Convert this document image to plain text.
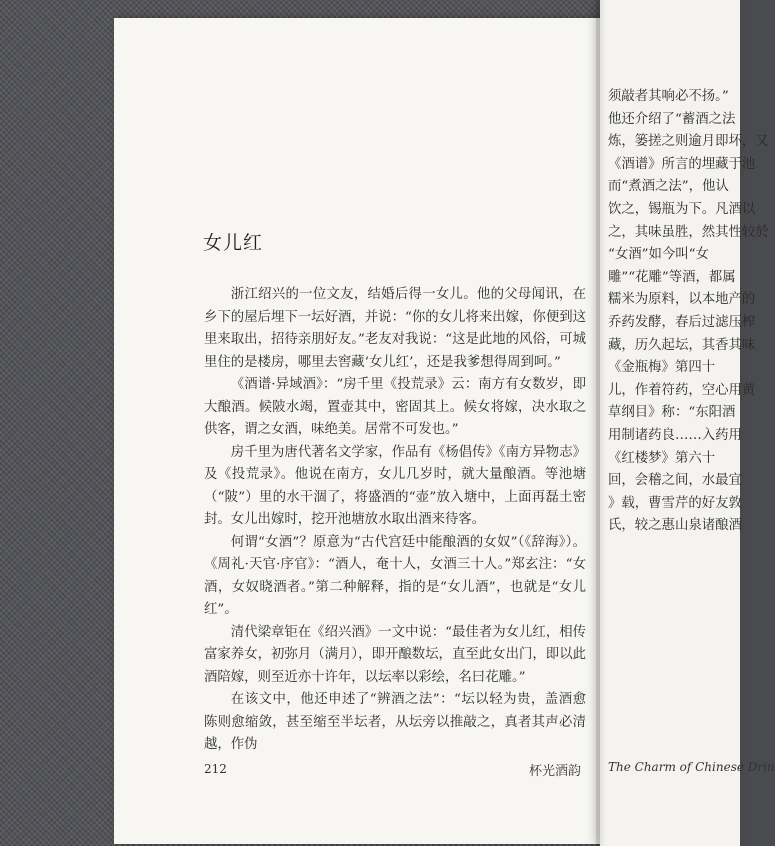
须敲者其响必不扬。”
他还介绍了“蓄酒之法
炼，篓搓之则逾月即坏，又
《酒谱》所言的埋藏于池
而“煮酒之法”，他认
饮之，锡瓶为下。凡酒以
之，其味虽胜，然其性较於
“女酒”如今叫“女
雕”“花雕”等酒，都属
糯米为原料，以本地产的
乔药发酵，春后过滤压榨
藏，历久起坛，其香其味
《金瓶梅》第四十
儿，作着符药，空心用黄
草纲目》称：“东阳酒
用制诸药良……入药用
《红楼梦》第六十
回，会稽之间，水最宜
》载，曹雪芹的好友敦
氏，较之惠山泉诸酿酒
The Charm of Chinese Drin
女儿红

浙江绍兴的一位文友，结婚后得一女儿。他的父母闻讯，在乡下的屋后埋下一坛好酒，并说：“你的女儿将来出嫁，你便到这里来取出，招待亲朋好友。”老友对我说：“这是此地的风俗，可城里住的是楼房，哪里去窖藏‘女儿红’，还是我爹想得周到呵。”

《酒谱·异域酒》：“房千里《投荒录》云：南方有女数岁，即大酿酒。候陂水竭，置壶其中，密固其上。候女将嫁，决水取之供客，谓之女酒，味绝美。居常不可发也。”

房千里为唐代著名文学家，作品有《杨倡传》《南方异物志》及《投荒录》。他说在南方，女儿几岁时，就大量酿酒。等池塘（“陂”）里的水干涸了，将盛酒的“壶”放入塘中，上面再磊土密封。女儿出嫁时，挖开池塘放水取出酒来待客。

何谓“女酒”？原意为“古代宫廷中能酿酒的女奴”（《辞海》）。《周礼·天官·序官》：“酒人，奄十人，女酒三十人。”郑玄注：“女酒，女奴晓酒者。”第二种解释，指的是“女儿酒”，也就是“女儿红”。

清代梁章钜在《绍兴酒》一文中说：“最佳者为女儿红，相传富家养女，初弥月（满月），即开酿数坛，直至此女出门，即以此酒陪嫁，则至近亦十许年，以坛率以彩绘，名曰花雕。”

在该文中，他还申述了“辨酒之法”：“坛以轻为贵，盖酒愈陈则愈缩敛，甚至缩至半坛者，从坛旁以推敲之，真者其声必清越，作伪

212	杯光酒韵
